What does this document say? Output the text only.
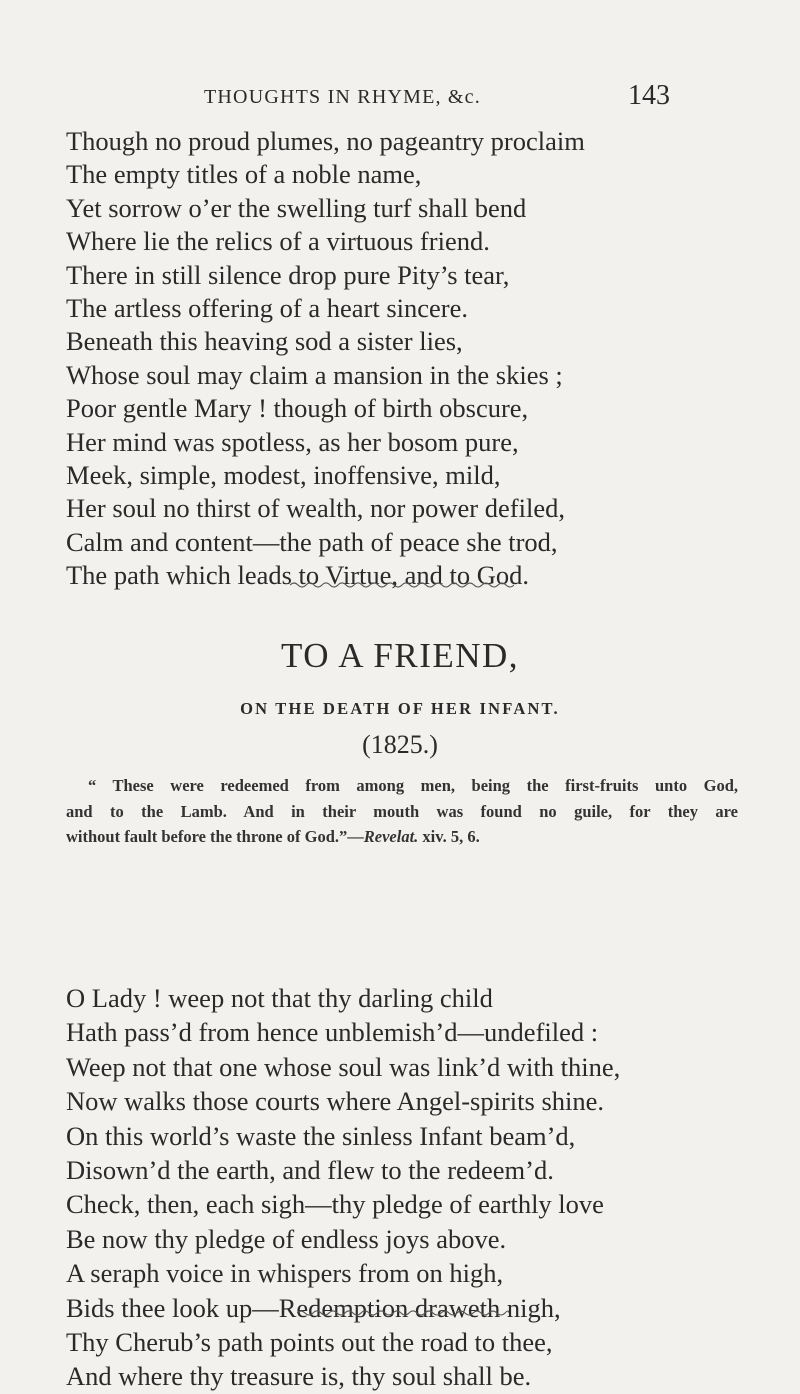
THOUGHTS IN RHYME, &c.	143
Though no proud plumes, no pageantry proclaim
The empty titles of a noble name,
Yet sorrow o’er the swelling turf shall bend
Where lie the relics of a virtuous friend.
There in still silence drop pure Pity’s tear,
The artless offering of a heart sincere.
Beneath this heaving sod a sister lies,
Whose soul may claim a mansion in the skies ;
Poor gentle Mary ! though of birth obscure,
Her mind was spotless, as her bosom pure,
Meek, simple, modest, inoffensive, mild,
Her soul no thirst of wealth, nor power defiled,
Calm and content—the path of peace she trod,
The path which leads to Virtue, and to God.
TO A FRIEND,
ON THE DEATH OF HER INFANT.

(1825.)

“ These were redeemed from among men, being the first-fruits unto God,
and to the Lamb. And in their mouth was found no guile, for they are
without fault before the throne of God.”—Revelat. xiv. 5, 6.

O Lady ! weep not that thy darling child
Hath pass’d from hence unblemish’d—undefiled :
Weep not that one whose soul was link’d with thine,
Now walks those courts where Angel-spirits shine.
On this world’s waste the sinless Infant beam’d,
Disown’d the earth, and flew to the redeem’d.
Check, then, each sigh—thy pledge of earthly love
Be now thy pledge of endless joys above.
A seraph voice in whispers from on high,
Bids thee look up—Redemption draweth nigh,
Thy Cherub’s path points out the road to thee,
And where thy treasure is, thy soul shall be.
